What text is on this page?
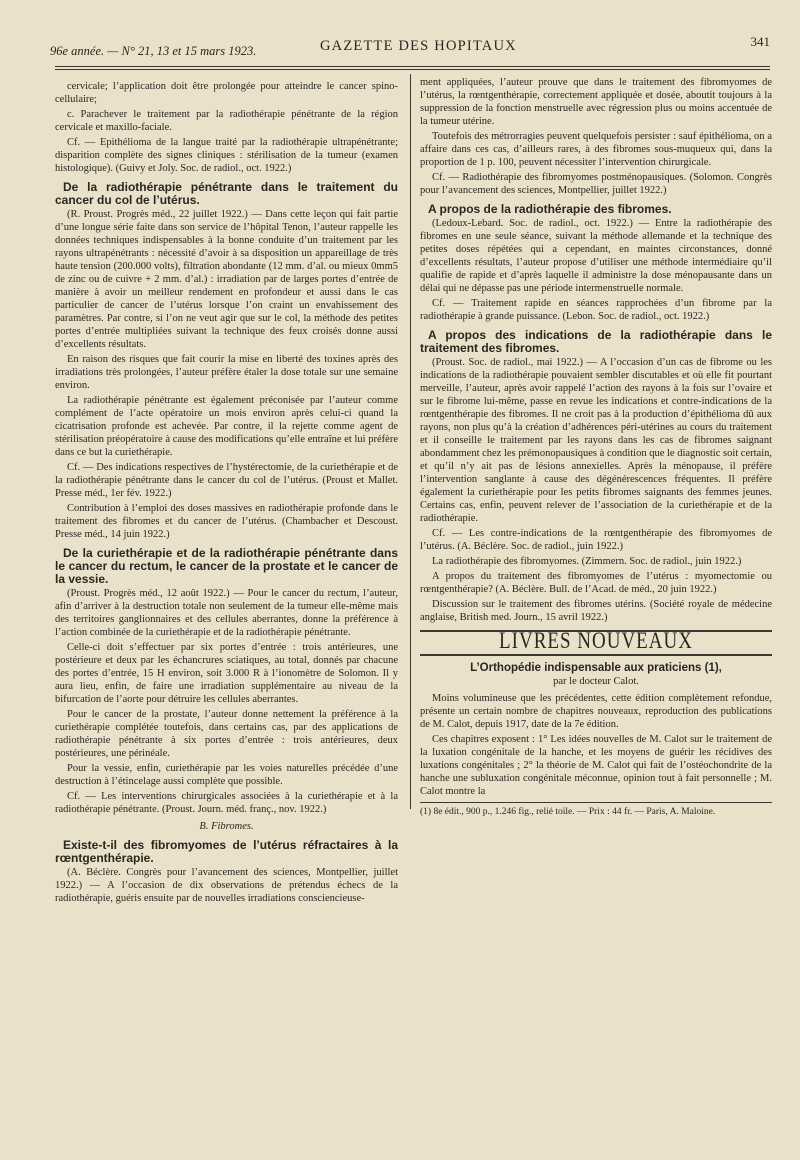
96e année. — N° 21, 13 et 15 mars 1923.	GAZETTE DES HOPITAUX	341

cervicale; l’application doit être prolongée pour atteindre le cancer spino-cellulaire;

c. Parachever le traitement par la radiothérapie pénétrante de la région cervicale et maxillo-faciale.

Cf. — Epithélioma de la langue traité par la radiothérapie ultrapénétrante; disparition complète des signes cliniques : stérilisation de la tumeur (examen histologique). (Guivy et Joly. Soc. de radiol., oct. 1922.)

De la radiothérapie pénétrante dans le traitement du cancer du col de l’utérus.

(R. Proust. Progrès méd., 22 juillet 1922.) — Dans cette leçon qui fait partie d’une longue série faite dans son service de l’hôpital Tenon, l’auteur rappelle les données techniques indispensables à la bonne conduite d’un traitement par les rayons ultrapénétrants : nécessité d’avoir à sa disposition un appareillage de très haute tension (200.000 volts), filtration abondante (12 mm. d’al. ou mieux 0mm5 de zinc ou de cuivre + 2 mm. d’al.) : irradiation par de larges portes d’entrée de manière à avoir un meilleur rendement en profondeur et aussi dans le cas particulier de cancer de l’utérus lorsque l’on craint un envahissement des paramètres. Par contre, si l’on ne veut agir que sur le col, la méthode des petites portes d’entrée multipliées suivant la technique des feux croisés donne aussi d’excellents résultats.

En raison des risques que fait courir la mise en liberté des toxines après des irradiations très prolongées, l’auteur préfère étaler la dose totale sur une semaine environ.

La radiothérapie pénétrante est également préconisée par l’auteur comme complément de l’acte opératoire un mois environ après celui-ci quand la cicatrisation profonde est achevée. Par contre, il la rejette comme agent de stérilisation préopératoire à cause des modifications qu’elle entraîne et lui préfère dans ce but la curiethérapie.

Cf. — Des indications respectives de l’hystérectomie, de la curiethérapie et de la radiothérapie pénétrante dans le cancer du col de l’utérus. (Proust et Mallet. Presse méd., 1er fév. 1922.)

Contribution à l’emploi des doses massives en radiothérapie profonde dans le traitement des fibromes et du cancer de l’utérus. (Chambacher et Descoust. Presse méd., 14 juin 1922.)

De la curiethérapie et de la radiothérapie pénétrante dans le cancer du rectum, le cancer de la prostate et le cancer de la vessie.

(Proust. Progrès méd., 12 août 1922.) — Pour le cancer du rectum, l’auteur, afin d’arriver à la destruction totale non seulement de la tumeur elle-même mais des territoires ganglionnaires et des cellules aberrantes, donne la préférence à l’action combinée de la curiethérapie et de la radiothérapie pénétrante.

Celle-ci doit s’effectuer par six portes d’entrée : trois antérieures, une postérieure et deux par les échancrures sciatiques, au total, donnés par chacune des portes d’entrée, 15 H environ, soit 3.000 R à l’ionomètre de Solomon. Il y aura lieu, enfin, de faire une irradiation supplémentaire au niveau de la bifurcation de l’aorte pour détruire les cellules aberrantes.

Pour le cancer de la prostate, l’auteur donne nettement la préférence à la curiethérapie complétée toutefois, dans certains cas, par des applications de radiothérapie pénétrante à six portes d’entrée : trois antérieures, deux postérieures, une périnéale.

Pour la vessie, enfin, curiethérapie par les voies naturelles précédée d’une destruction à l’étincelage aussi complète que possible.

Cf. — Les interventions chirurgicales associées à la curiethérapie et à la radiothérapie pénétrante. (Proust. Journ. méd. franç., nov. 1922.)

B. Fibromes.
Existe-t-il des fibromyomes de l’utérus réfractaires à la rœntgenthérapie.

(A. Béclère. Congrès pour l’avancement des sciences, Montpellier, juillet 1922.) — A l’occasion de dix observations de prétendus échecs de la radiothérapie, guéris ensuite par de nouvelles irradiations consciencieuse-

ment appliquées, l’auteur prouve que dans le traitement des fibromyomes de l’utérus, la rœntgenthérapie, correctement appliquée et dosée, aboutit toujours à la suppression de la fonction menstruelle avec régression plus ou moins accentuée de la tumeur utérine.

Toutefois des métrorragies peuvent quelquefois persister : sauf épithélioma, on a affaire dans ces cas, d’ailleurs rares, à des fibromes sous-muqueux qui, dans la proportion de 1 p. 100, peuvent nécessiter l’intervention chirurgicale.

Cf. — Radiothérapie des fibromyomes postménopausiques. (Solomon. Congrès pour l’avancement des sciences, Montpellier, juillet 1922.)

A propos de la radiothérapie des fibromes.

(Ledoux-Lebard. Soc. de radiol., oct. 1922.) — Entre la radiothérapie des fibromes en une seule séance, suivant la méthode allemande et la technique des petites doses répétées qui a cependant, en maintes circonstances, donné d’excellents résultats, l’auteur propose d’utiliser une méthode intermédiaire qu’il qualifie de rapide et d’après laquelle il administre la dose ménopausante dans un délai qui ne dépasse pas une période intermenstruelle normale.

Cf. — Traitement rapide en séances rapprochées d’un fibrome par la radiothérapie à grande puissance. (Lebon. Soc. de radiol., oct. 1922.)

A propos des indications de la radiothérapie dans le traitement des fibromes.

(Proust. Soc. de radiol., mai 1922.) — A l’occasion d’un cas de fibrome ou les indications de la radiothérapie pouvaient sembler discutables et où elle fit pourtant merveille, l’auteur, après avoir rappelé l’action des rayons à la fois sur l’ovaire et sur le fibrome lui-même, passe en revue les indications et contre-indications de la rœntgenthérapie des fibromes. Il ne croit pas à la production d’épithélioma dû aux rayons, non plus qu’à la création d’adhérences péri-utérines au cours du traitement et il conseille le traitement par les rayons dans les cas de fibromes saignant abondamment chez les prémonopausiques à condition que le diagnostic soit certain, et qu’il n’y ait pas de lésions annexielles. Après la ménopause, il préfère l’intervention sanglante à cause des dégénérescences fréquentes. Il préfère également la curiethérapie pour les petits fibromes saignants des femmes jeunes. Certains cas, enfin, peuvent relever de l’association de la curiethérapie et de la radiothérapie.

Cf. — Les contre-indications de la rœntgenthérapie des fibromyomes de l’utérus. (A. Béclère. Soc. de radiol., juin 1922.)

La radiothérapie des fibromyomes. (Zimmern. Soc. de radiol., juin 1922.)

A propos du traitement des fibromyomes de l’utérus : myomectomie ou rœntgenthérapie? (A. Béclère. Bull. de l’Acad. de méd., 20 juin 1922.)

Discussion sur le traitement des fibromes utérins. (Société royale de médecine anglaise, British med. Journ., 15 avril 1922.)

LIVRES NOUVEAUX
L’Orthopédie indispensable aux praticiens (1),
par le docteur Calot.

Moins volumineuse que les précédentes, cette édition complètement refondue, présente un certain nombre de chapitres nouveaux, reproduction des publications de M. Calot, depuis 1917, date de la 7e édition.

Ces chapitres exposent : 1° Les idées nouvelles de M. Calot sur le traitement de la luxation congénitale de la hanche, et les moyens de guérir les récidives des luxations congénitales ; 2° la théorie de M. Calot qui fait de l’ostéochondrite de la hanche une subluxation congénitale méconnue, opinion tout à fait personnelle ; M. Calot montre la

(1) 8e édit., 900 p., 1.246 fig., relié toile. — Prix : 44 fr. — Paris, A. Maloine.
